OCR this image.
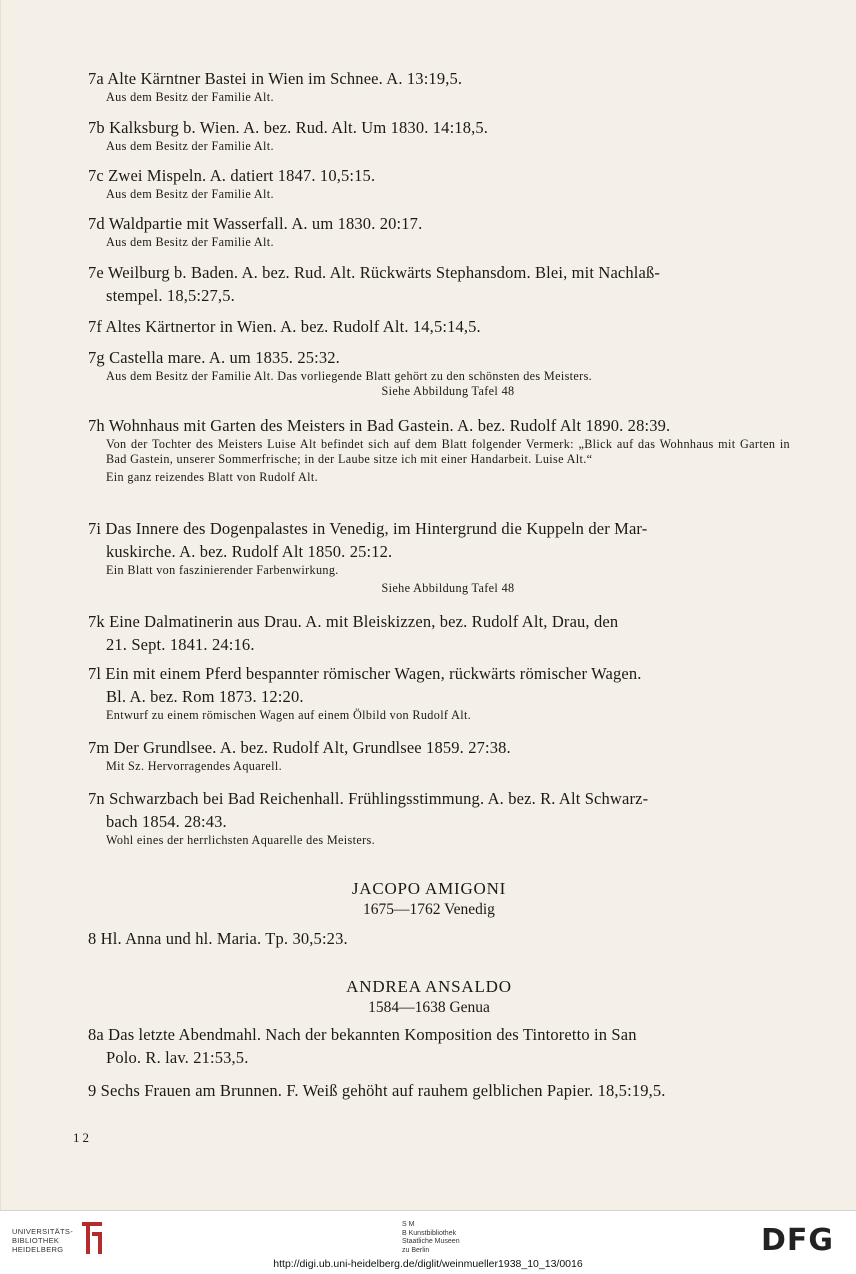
7a Alte Kärntner Bastei in Wien im Schnee. A. 13:19,5.
Aus dem Besitz der Familie Alt.
7b Kalksburg b. Wien. A. bez. Rud. Alt. Um 1830. 14:18,5.
Aus dem Besitz der Familie Alt.
7c Zwei Mispeln. A. datiert 1847. 10,5:15.
Aus dem Besitz der Familie Alt.
7d Waldpartie mit Wasserfall. A. um 1830. 20:17.
Aus dem Besitz der Familie Alt.
7e Weilburg b. Baden. A. bez. Rud. Alt. Rückwärts Stephansdom. Blei, mit Nachlaß-
stempel. 18,5:27,5.
7f Altes Kärtnertor in Wien. A. bez. Rudolf Alt. 14,5:14,5.
7g Castella mare. A. um 1835. 25:32.
Aus dem Besitz der Familie Alt. Das vorliegende Blatt gehört zu den schönsten des Meisters.
Siehe Abbildung Tafel 48
7h Wohnhaus mit Garten des Meisters in Bad Gastein. A. bez. Rudolf Alt 1890. 28:39.
Von der Tochter des Meisters Luise Alt befindet sich auf dem Blatt folgender Vermerk: „Blick auf das Wohnhaus mit Garten in Bad Gastein, unserer Sommerfrische; in der Laube sitze ich mit einer Handarbeit. Luise Alt.“
Ein ganz reizendes Blatt von Rudolf Alt.
7i Das Innere des Dogenpalastes in Venedig, im Hintergrund die Kuppeln der Mar-
kuskirche. A. bez. Rudolf Alt 1850. 25:12.
Ein Blatt von faszinierender Farbenwirkung.
Siehe Abbildung Tafel 48
7k Eine Dalmatinerin aus Drau. A. mit Bleiskizzen, bez. Rudolf Alt, Drau, den
21. Sept. 1841. 24:16.
7l Ein mit einem Pferd bespannter römischer Wagen, rückwärts römischer Wagen.
Bl. A. bez. Rom 1873. 12:20.
Entwurf zu einem römischen Wagen auf einem Ölbild von Rudolf Alt.
7m Der Grundlsee. A. bez. Rudolf Alt, Grundlsee 1859. 27:38.
Mit Sz. Hervorragendes Aquarell.
7n Schwarzbach bei Bad Reichenhall. Frühlingsstimmung. A. bez. R. Alt Schwarz-
bach 1854. 28:43.
Wohl eines der herrlichsten Aquarelle des Meisters.
JACOPO AMIGONI
1675—1762 Venedig
8 Hl. Anna und hl. Maria. Tp. 30,5:23.
ANDREA ANSALDO
1584—1638 Genua
8a Das letzte Abendmahl. Nach der bekannten Komposition des Tintoretto in San
Polo. R. lav. 21:53,5.
9 Sechs Frauen am Brunnen. F. Weiß gehöht auf rauhem gelblichen Papier. 18,5:19,5.
12
UNIVERSITÄTS-
BIBLIOTHEK
HEIDELBERG
S M
B Kunstbibliothek
Staatliche Museen
zu Berlin	DFG
http://digi.ub.uni-heidelberg.de/diglit/weinmueller1938_10_13/0016
